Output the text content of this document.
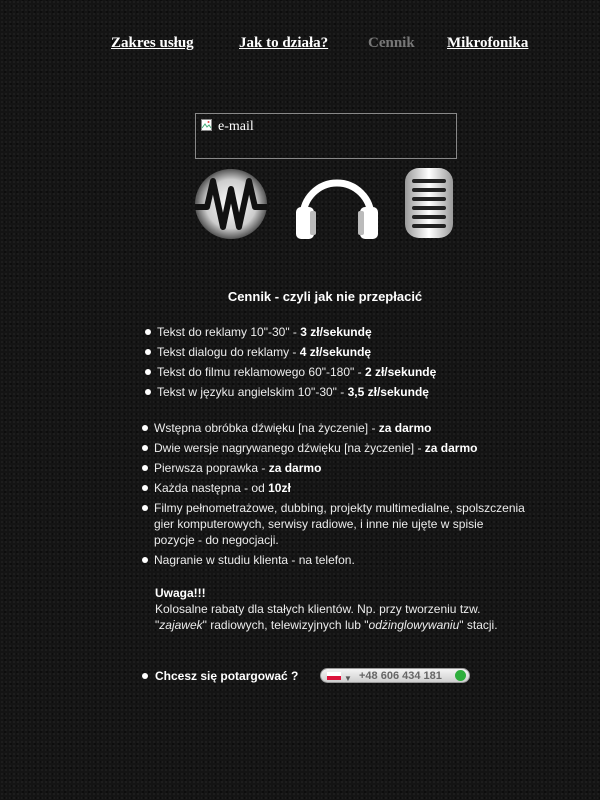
Zakres usług	Jak to działa?	Cennik Mikrofonika
e-mail
Cennik - czyli jak nie przepłacić
Tekst do reklamy 10"-30" - 3 zł/sekundę
Tekst dialogu do reklamy - 4 zł/sekundę
Tekst do filmu reklamowego 60"-180" - 2 zł/sekundę
Tekst w języku angielskim 10"-30" - 3,5 zł/sekundę
Wstępna obróbka dźwięku [na życzenie] - za darmo
Dwie wersje nagrywanego dźwięku [na życzenie] - za darmo
Pierwsza poprawka - za darmo
Każda następna - od 10zł
Filmy pełnometrażowe, dubbing, projekty multimedialne, spolszczenia gier komputerowych, serwisy radiowe, i inne nie ujęte w spisie pozycje - do negocjacji.
Nagranie w studiu klienta - na telefon.
Uwaga!!!
Kolosalne rabaty dla stałych klientów. Np. przy tworzeniu tzw. "zajawek" radiowych, telewizyjnych lub "odżinglowywaniu" stacji.
Chcesz się potargować ?	▼ +48 606 434 181
